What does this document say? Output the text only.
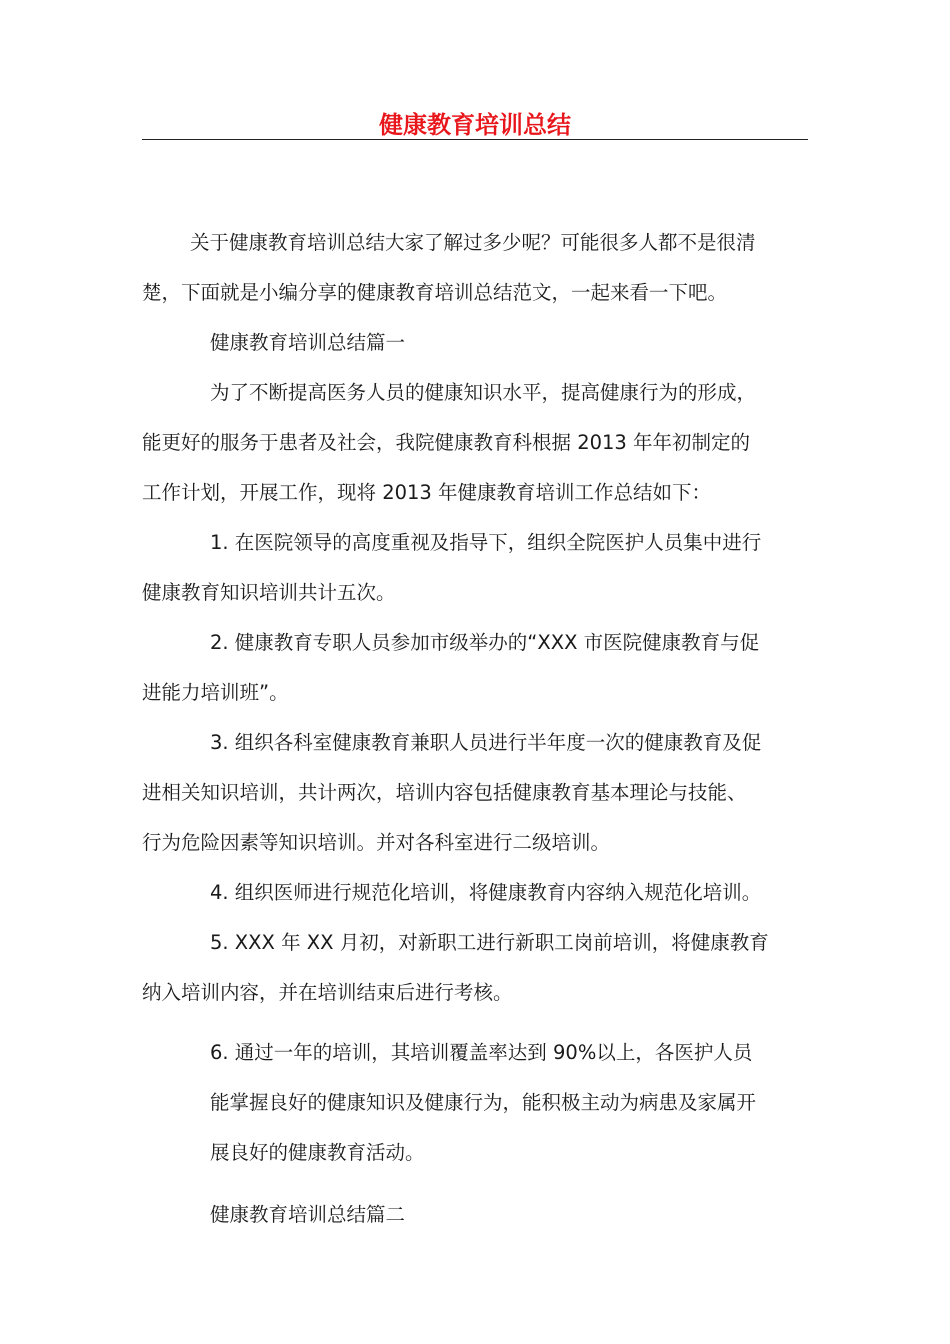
健康教育培训总结

关于健康教育培训总结大家了解过多少呢？可能很多人都不是很清
楚，下面就是小编分享的健康教育培训总结范文，一起来看一下吧。

健康教育培训总结篇一

为了不断提高医务人员的健康知识水平，提高健康行为的形成，
能更好的服务于患者及社会，我院健康教育科根据 2013 年年初制定的
工作计划，开展工作，现将 2013 年健康教育培训工作总结如下：

1. 在医院领导的高度重视及指导下，组织全院医护人员集中进行
健康教育知识培训共计五次。

2. 健康教育专职人员参加市级举办的“XXX 市医院健康教育与促
进能力培训班”。

3. 组织各科室健康教育兼职人员进行半年度一次的健康教育及促
进相关知识培训，共计两次，培训内容包括健康教育基本理论与技能、
行为危险因素等知识培训。并对各科室进行二级培训。

4. 组织医师进行规范化培训，将健康教育内容纳入规范化培训。

5. XXX 年 XX 月初，对新职工进行新职工岗前培训，将健康教育
纳入培训内容，并在培训结束后进行考核。

6. 通过一年的培训，其培训覆盖率达到 90%以上，各医护人员
能掌握良好的健康知识及健康行为，能积极主动为病患及家属开
展良好的健康教育活动。

健康教育培训总结篇二
